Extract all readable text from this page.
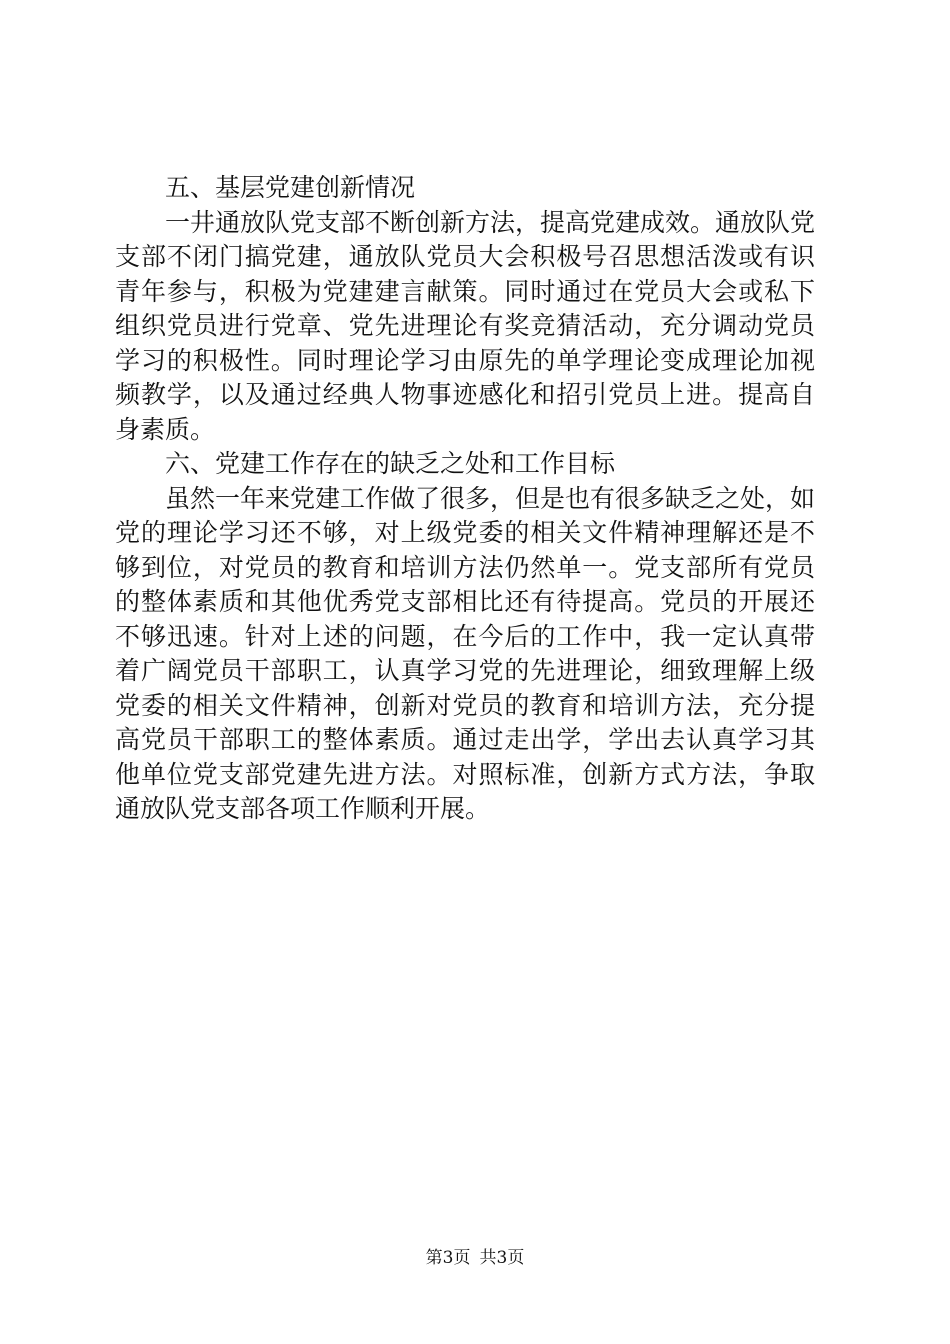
五、基层党建创新情况
一井通放队党支部不断创新方法，提高党建成效。通放队党
支部不闭门搞党建，通放队党员大会积极号召思想活泼或有识
青年参与，积极为党建建言献策。同时通过在党员大会或私下
组织党员进行党章、党先进理论有奖竞猜活动，充分调动党员
学习的积极性。同时理论学习由原先的单学理论变成理论加视
频教学，以及通过经典人物事迹感化和招引党员上进。提高自
身素质。
六、党建工作存在的缺乏之处和工作目标
虽然一年来党建工作做了很多，但是也有很多缺乏之处，如
党的理论学习还不够，对上级党委的相关文件精神理解还是不
够到位，对党员的教育和培训方法仍然单一。党支部所有党员
的整体素质和其他优秀党支部相比还有待提高。党员的开展还
不够迅速。针对上述的问题，在今后的工作中，我一定认真带
着广阔党员干部职工，认真学习党的先进理论，细致理解上级
党委的相关文件精神，创新对党员的教育和培训方法，充分提
高党员干部职工的整体素质。通过走出学，学出去认真学习其
他单位党支部党建先进方法。对照标准，创新方式方法，争取
通放队党支部各项工作顺利开展。
第3页 共3页
